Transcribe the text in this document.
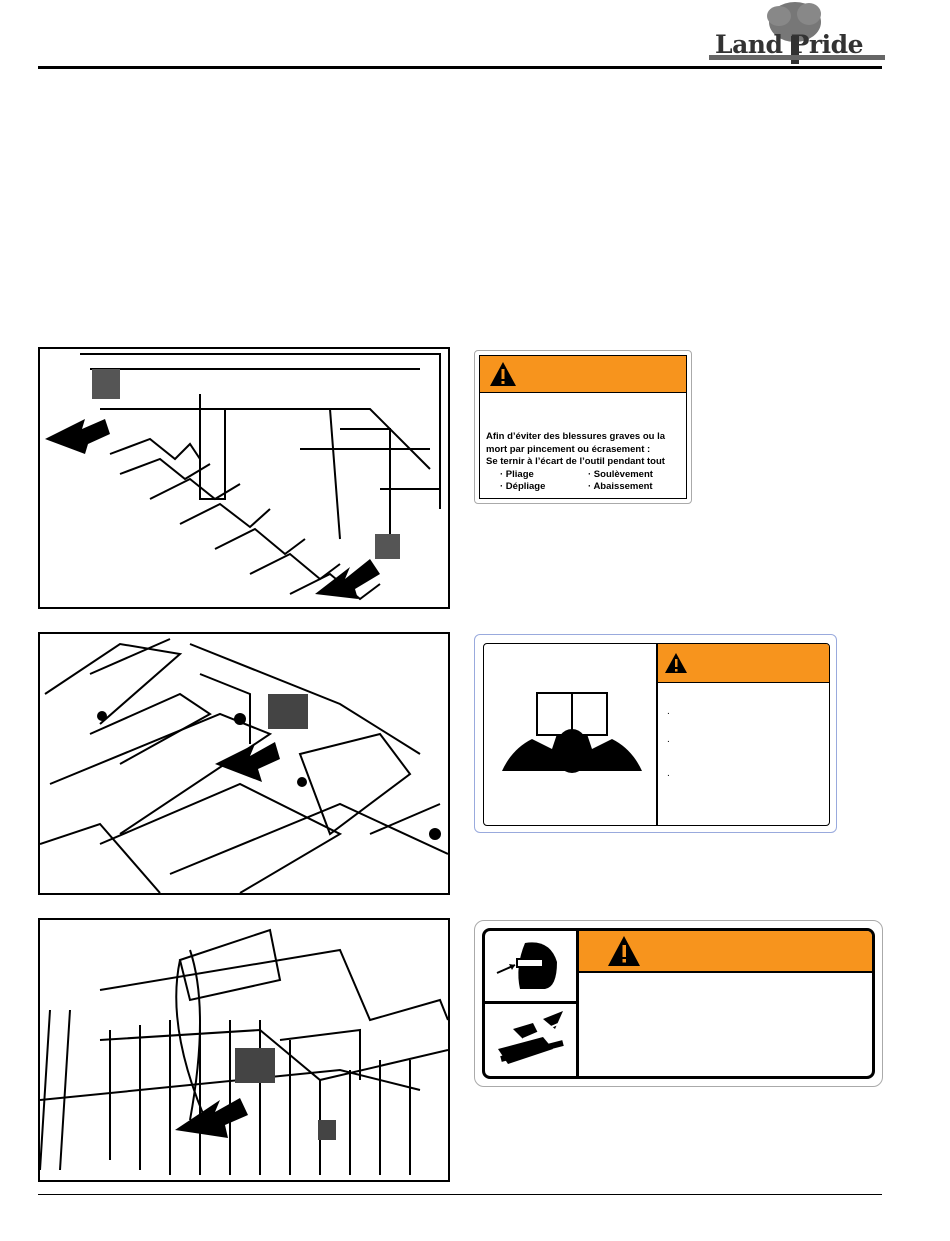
Land Pride
Afin d’éviter des blessures graves ou la
mort par pincement ou écrasement :
Se ternir à l’écart de l’outil pendant tout
· Pliage	· Soulèvement
· Dépliage	· Abaissement
.
.
.
